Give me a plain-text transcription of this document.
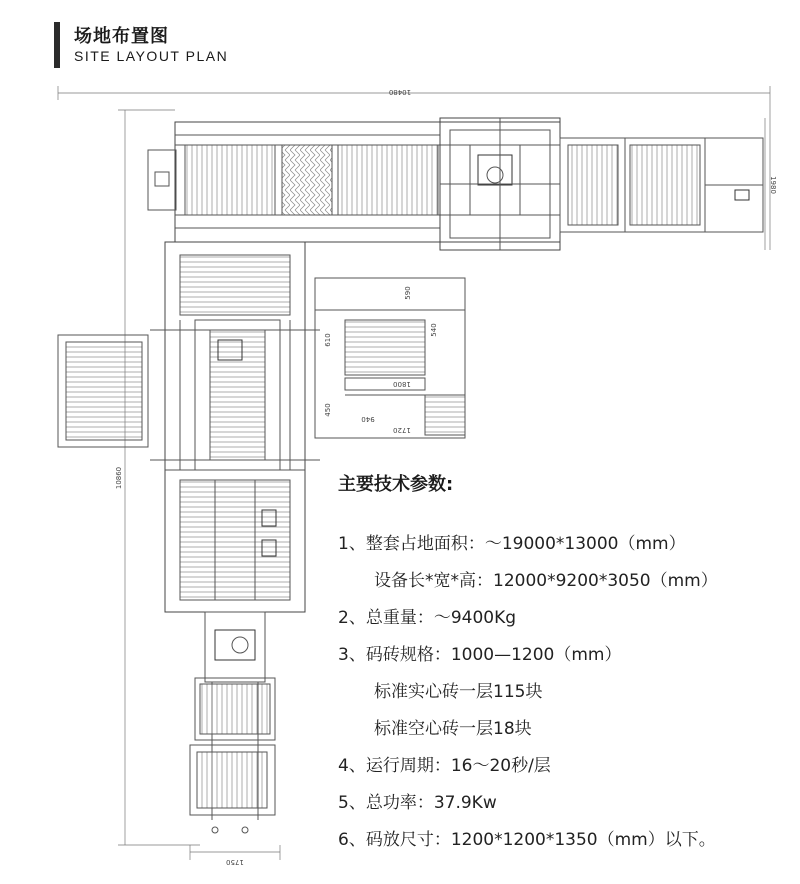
场地布置图
SITE LAYOUT PLAN
10480
1980
10860
1750
590
540
1800
610
450
1720
940
主要技术参数:
1、整套占地面积：～19000*13000（mm）
设备长*宽*高：12000*9200*3050（mm）
2、总重量：～9400Kg
3、码砖规格：1000—1200（mm）
标准实心砖一层115块
标准空心砖一层18块
4、运行周期：16～20秒/层
5、总功率：37.9Kw
6、码放尺寸：1200*1200*1350（mm）以下。
